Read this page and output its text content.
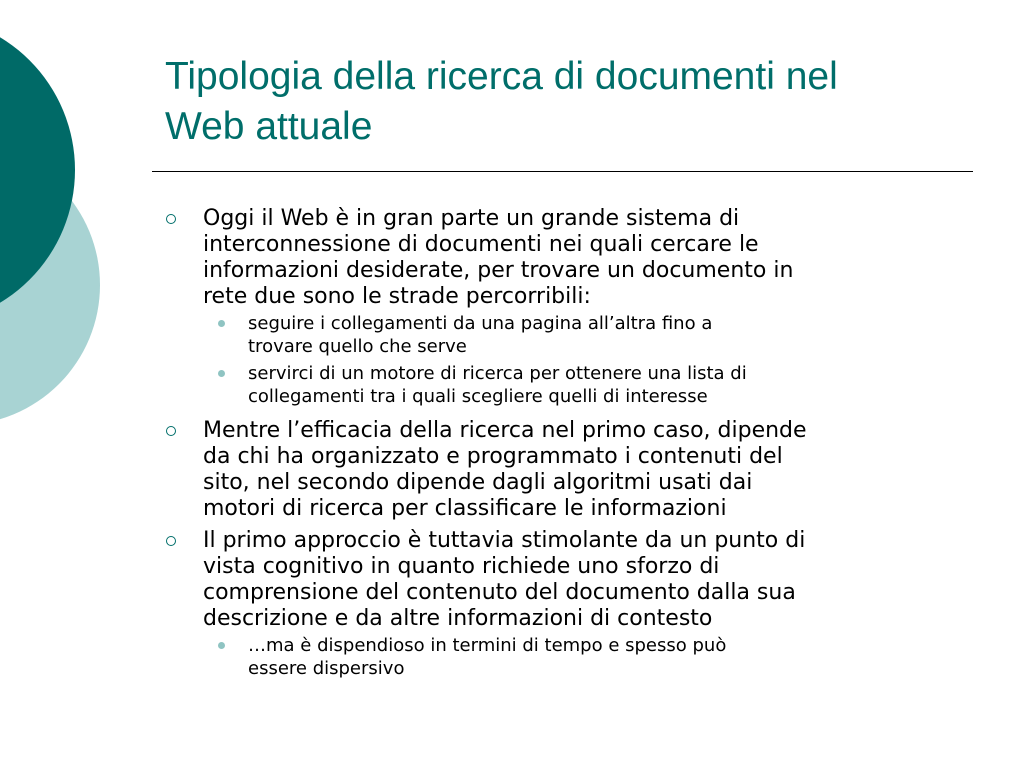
Tipologia della ricerca di documenti nel
Web attuale
Oggi il Web è in gran parte un grande sistema di
interconnessione di documenti nei quali cercare le
informazioni desiderate, per trovare un documento in
rete due sono le strade percorribili:
seguire i collegamenti da una pagina all’altra fino a
trovare quello che serve
servirci di un motore di ricerca per ottenere una lista di
collegamenti tra i quali scegliere quelli di interesse
Mentre l’efficacia della ricerca nel primo caso, dipende
da chi ha organizzato e programmato i contenuti del
sito, nel secondo dipende dagli algoritmi usati dai
motori di ricerca per classificare le informazioni
Il primo approccio è tuttavia stimolante da un punto di
vista cognitivo in quanto richiede uno sforzo di
comprensione del contenuto del documento dalla sua
descrizione e da altre informazioni di contesto
…ma è dispendioso in termini di tempo e spesso può
essere dispersivo
